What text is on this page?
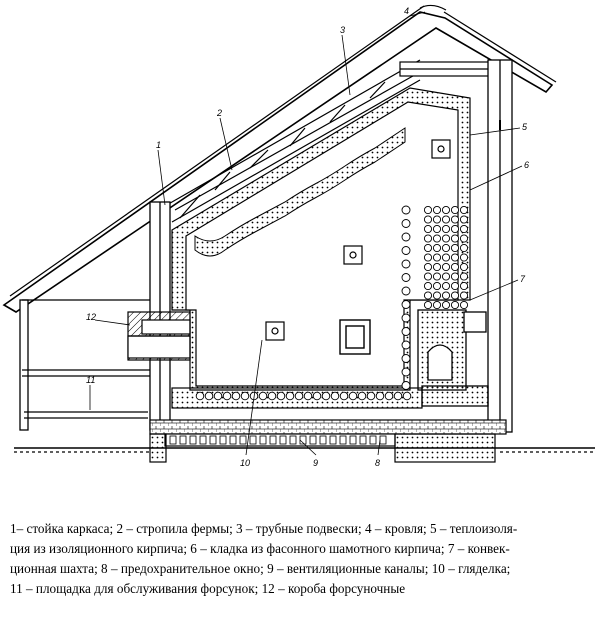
1
2
3
4
5
6
7
8
9
10
11
12
1– стойка каркаса; 2 – стропила фермы; 3 – трубные подвески; 4 – кровля; 5 – теплоизоля-
ция из изоляционного кирпича; 6 – кладка из фасонного шамотного кирпича; 7 – конвек-
ционная шахта; 8 – предохранительное окно; 9 – вентиляционные каналы; 10 – гляделка;
11 – площадка для обслуживания форсунок; 12 – короба форсуночные
